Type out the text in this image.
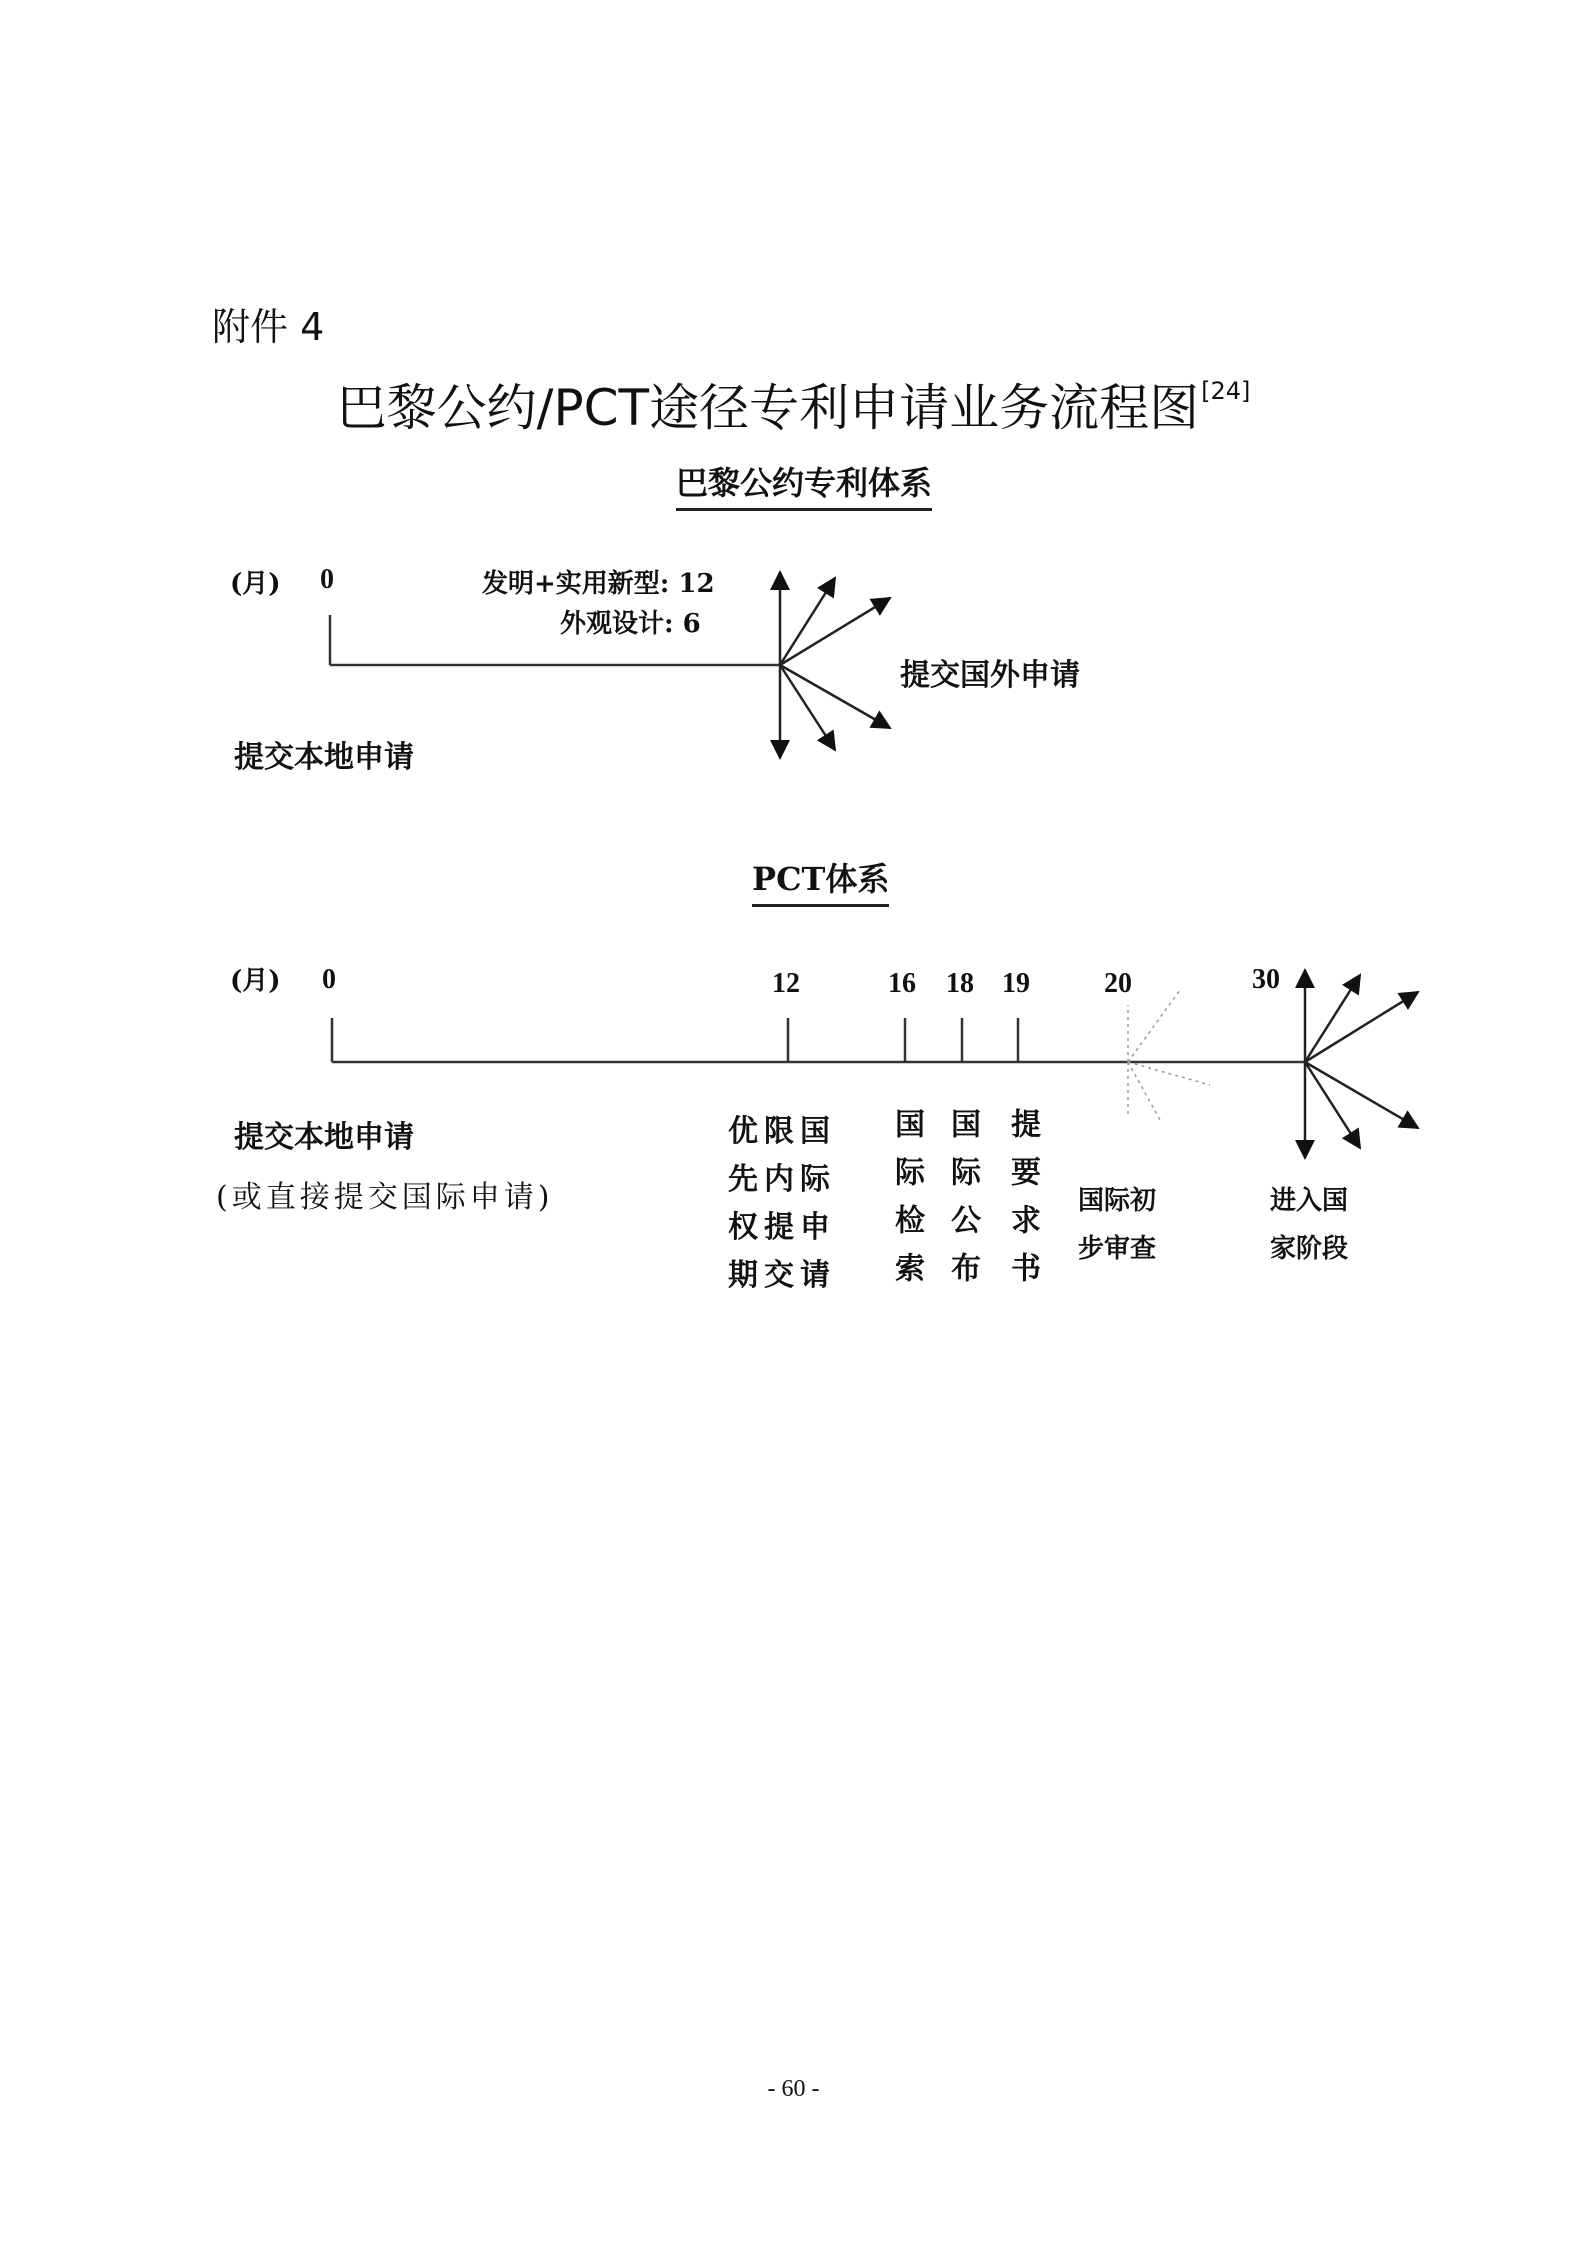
附件 4
巴黎公约/PCT途径专利申请业务流程图[24]
巴黎公约专利体系
(月) 0	发明+实用新型: 12
外观设计: 6
提交国外申请
提交本地申请
PCT体系
(月) 0	12	16 18 19	20	30
提交本地申请
(或直接提交国际申请)
优
先
权
期
限
内
提
交
国
际
申
请 国际检索 国际公布 提要求书 国际初
步审查
进入国
家阶段
- 60 -
